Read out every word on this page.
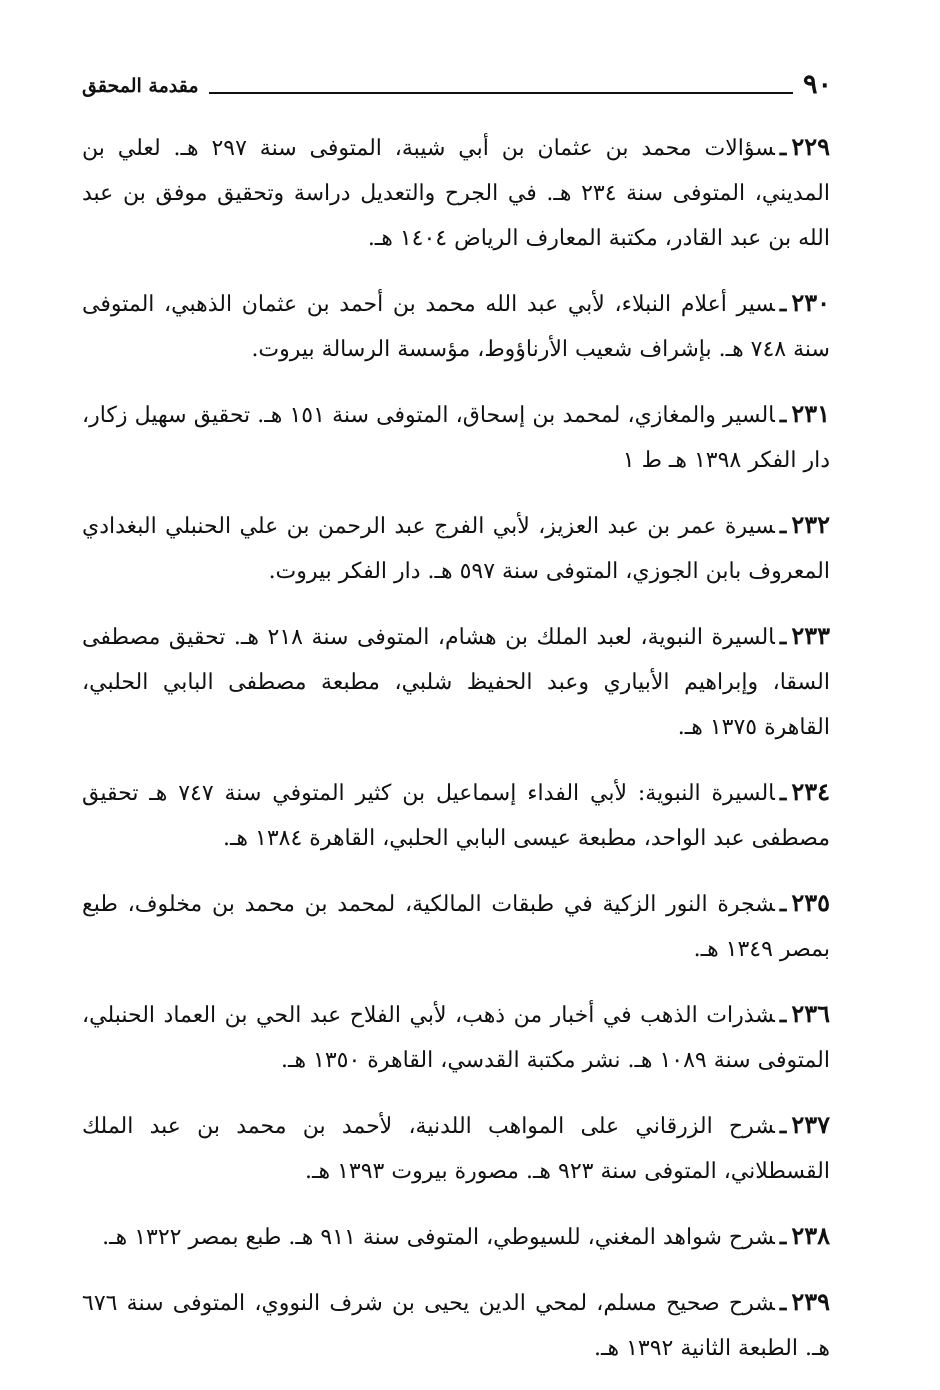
٩٠
مقدمة المحقق
٢٢٩ـسؤالات محمد بن عثمان بن أبي شيبة، المتوفى سنة ٢٩٧ هـ. لعلي بن المديني، المتوفى سنة ٢٣٤ هـ. في الجرح والتعديل دراسة وتحقيق موفق بن عبد الله بن عبد القادر، مكتبة المعارف الرياض ١٤٠٤ هـ.
٢٣٠ـسير أعلام النبلاء، لأبي عبد الله محمد بن أحمد بن عثمان الذهبي، المتوفى سنة ٧٤٨ هـ. بإشراف شعيب الأرناؤوط، مؤسسة الرسالة بيروت.
٢٣١ـالسير والمغازي، لمحمد بن إسحاق، المتوفى سنة ١٥١ هـ. تحقيق سهيل زكار، دار الفكر ١٣٩٨ هـ ط ١
٢٣٢ـسيرة عمر بن عبد العزيز، لأبي الفرج عبد الرحمن بن علي الحنبلي البغدادي المعروف بابن الجوزي، المتوفى سنة ٥٩٧ هـ. دار الفكر بيروت.
٢٣٣ـالسيرة النبوية، لعبد الملك بن هشام، المتوفى سنة ٢١٨ هـ. تحقيق مصطفى السقا، وإبراهيم الأبياري وعبد الحفيظ شلبي، مطبعة مصطفى البابي الحلبي، القاهرة ١٣٧٥ هـ.
٢٣٤ـالسيرة النبوية: لأبي الفداء إسماعيل بن كثير المتوفي سنة ٧٤٧ هـ تحقيق مصطفى عبد الواحد، مطبعة عيسى البابي الحلبي، القاهرة ١٣٨٤ هـ.
٢٣٥ـشجرة النور الزكية في طبقات المالكية، لمحمد بن محمد بن مخلوف، طبع بمصر ١٣٤٩ هـ.
٢٣٦ـشذرات الذهب في أخبار من ذهب، لأبي الفلاح عبد الحي بن العماد الحنبلي، المتوفى سنة ١٠٨٩ هـ. نشر مكتبة القدسي، القاهرة ١٣٥٠ هـ.
٢٣٧ـشرح الزرقاني على المواهب اللدنية، لأحمد بن محمد بن عبد الملك القسطلاني، المتوفى سنة ٩٢٣ هـ. مصورة بيروت ١٣٩٣ هـ.
٢٣٨ـشرح شواهد المغني، للسيوطي، المتوفى سنة ٩١١ هـ. طبع بمصر ١٣٢٢ هـ.
٢٣٩ـشرح صحيح مسلم، لمحي الدين يحيى بن شرف النووي، المتوفى سنة ٦٧٦ هـ. الطبعة الثانية ١٣٩٢ هـ.
